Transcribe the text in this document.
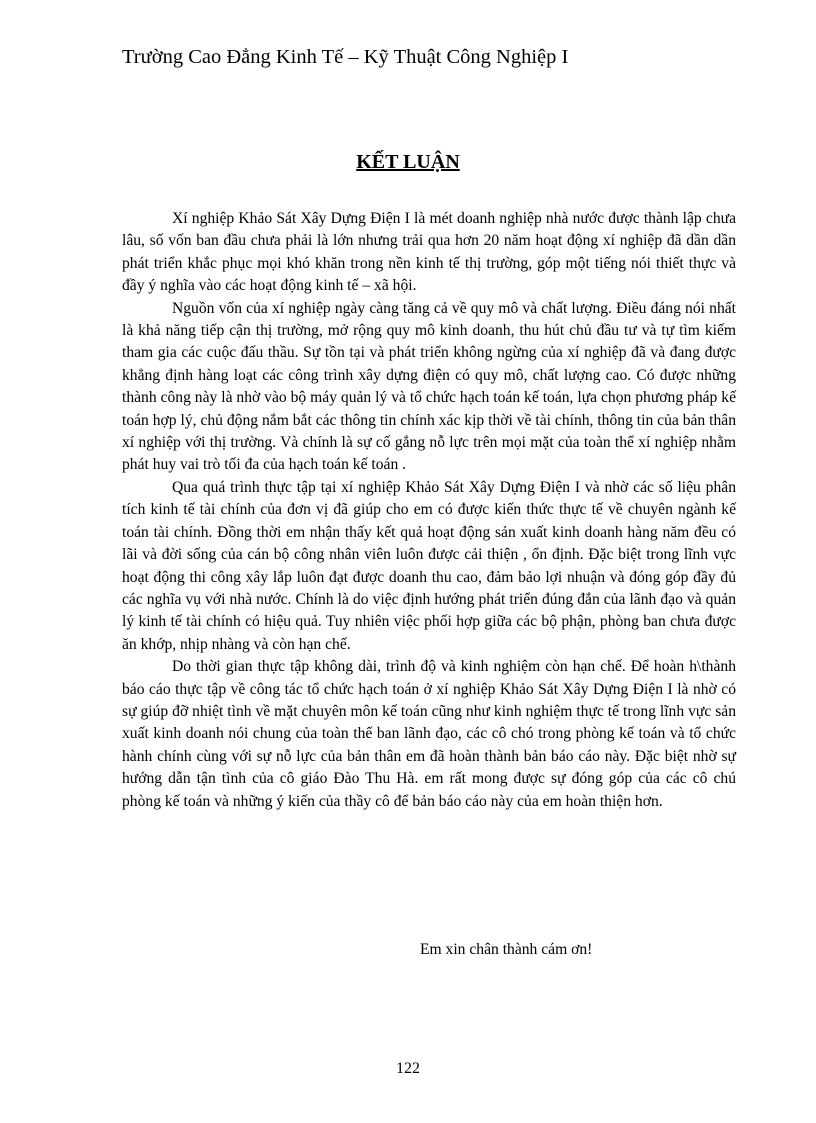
Trường Cao Đẳng Kinh Tế – Kỹ Thuật Công Nghiệp I
KẾT LUẬN

Xí nghiệp Khảo Sát Xây Dựng Điện I là mét doanh nghiệp nhà nước được thành lập chưa lâu, số vốn ban đầu chưa phải là lớn nhưng trải qua hơn 20 năm hoạt động xí nghiệp đã dần dần phát triển khắc phục mọi khó khăn trong nền kinh tế thị trường, góp một tiếng nói thiết thực và đầy ý nghĩa vào các hoạt động kinh tế – xã hội.

Nguồn vốn của xí nghiệp ngày càng tăng cả về quy mô và chất lượng. Điều đáng nói nhất là khả năng tiếp cận thị trường, mở rộng quy mô kinh doanh, thu hút chủ đầu tư và tự tìm kiếm tham gia các cuộc đấu thầu. Sự tồn tại và phát triển không ngừng của xí nghiệp đã và đang được khẳng định hàng loạt các công trình xây dựng điện có quy mô, chất lượng cao. Có được những thành công này là nhờ vào bộ máy quản lý và tổ chức hạch toán kế toán, lựa chọn phương pháp kế toán hợp lý, chủ động nắm bắt các thông tin chính xác kịp thời về tài chính, thông tin của bản thân xí nghiệp với thị trường. Và chính là sự cố gắng nỗ lực trên mọi mặt của toàn thể xí nghiệp nhằm phát huy vai trò tối đa của hạch toán kế toán .

Qua quá trình thực tập tại xí nghiệp Khảo Sát Xây Dựng Điện I và nhờ các số liệu phân tích kinh tế tài chính của đơn vị đã giúp cho em có được kiến thức thực tế về chuyên ngành kế toán tài chính. Đồng thời em nhận thấy kết quả hoạt động sản xuất kinh doanh hàng năm đều có lãi và đời sống của cán bộ công nhân viên luôn được cải thiện , ổn định. Đặc biệt trong lĩnh vực hoạt động thi công xây lắp luôn đạt được doanh thu cao, đảm bảo lợi nhuận và đóng góp đầy đủ các nghĩa vụ với nhà nước. Chính là do việc định hướng phát triển đúng đắn của lãnh đạo và quản lý kinh tế tài chính có hiệu quả. Tuy nhiên việc phối hợp giữa các bộ phận, phòng ban chưa được ăn khớp, nhịp nhàng và còn hạn chế.

Do thời gian thực tập không dài, trình độ và kinh nghiệm còn hạn chế. Để hoàn h\thành báo cáo thực tập về công tác tổ chức hạch toán ở xí nghiệp Khảo Sát Xây Dựng Điện I là nhờ có sự giúp đỡ nhiệt tình về mặt chuyên môn kế toán cũng như kinh nghiệm thực tế trong lĩnh vực sản xuất kinh doanh nói chung của toàn thể ban lãnh đạo, các cô chó trong phòng kế toán và tổ chức hành chính cùng với sự nỗ lực của bản thân em đã hoàn thành bản báo cáo này. Đặc biệt nhờ sự hướng dẫn tận tình của cô giáo Đào Thu Hà. em rất mong được sự đóng góp của các cô chú phòng kế toán và những ý kiến của thầy cô để bản báo cáo này của em hoàn thiện hơn.

Em xin chân thành cám ơn!
122
